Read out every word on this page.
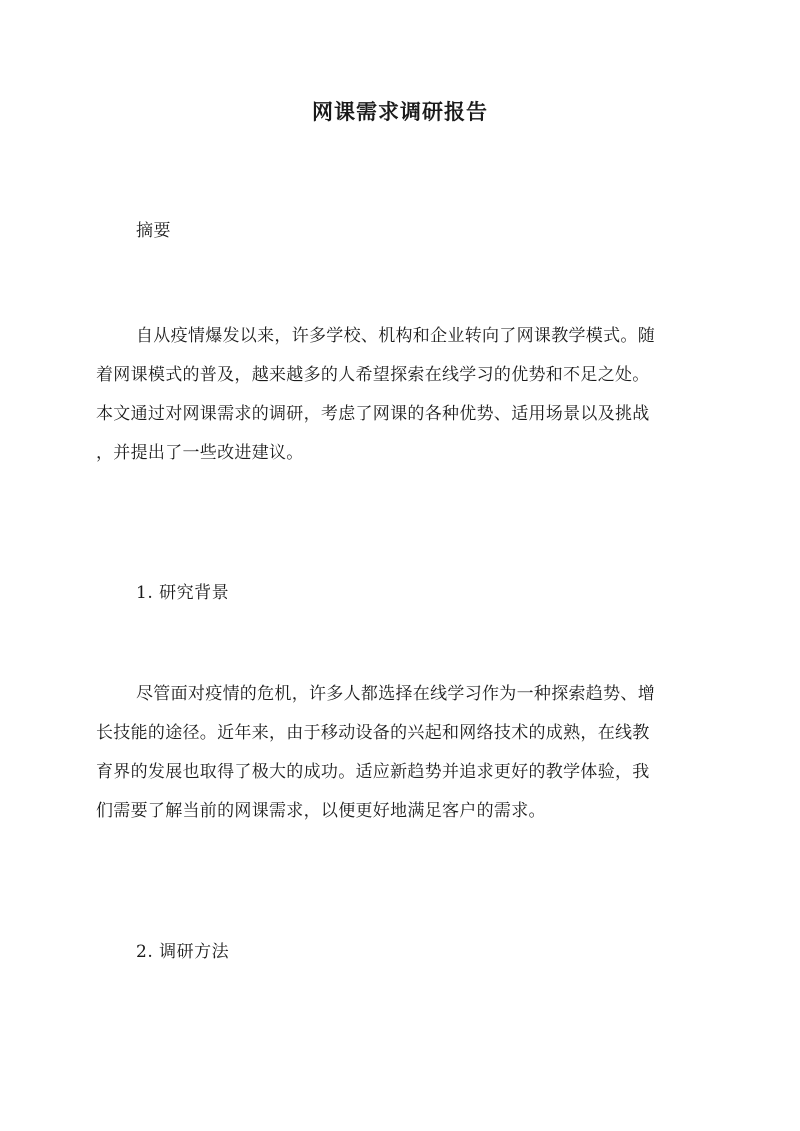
网课需求调研报告
摘要
自从疫情爆发以来，许多学校、机构和企业转向了网课教学模式。随
着网课模式的普及，越来越多的人希望探索在线学习的优势和不足之处。
本文通过对网课需求的调研，考虑了网课的各种优势、适用场景以及挑战
，并提出了一些改进建议。
1. 研究背景
尽管面对疫情的危机，许多人都选择在线学习作为一种探索趋势、增
长技能的途径。近年来，由于移动设备的兴起和网络技术的成熟，在线教
育界的发展也取得了极大的成功。适应新趋势并追求更好的教学体验，我
们需要了解当前的网课需求，以便更好地满足客户的需求。
2. 调研方法
